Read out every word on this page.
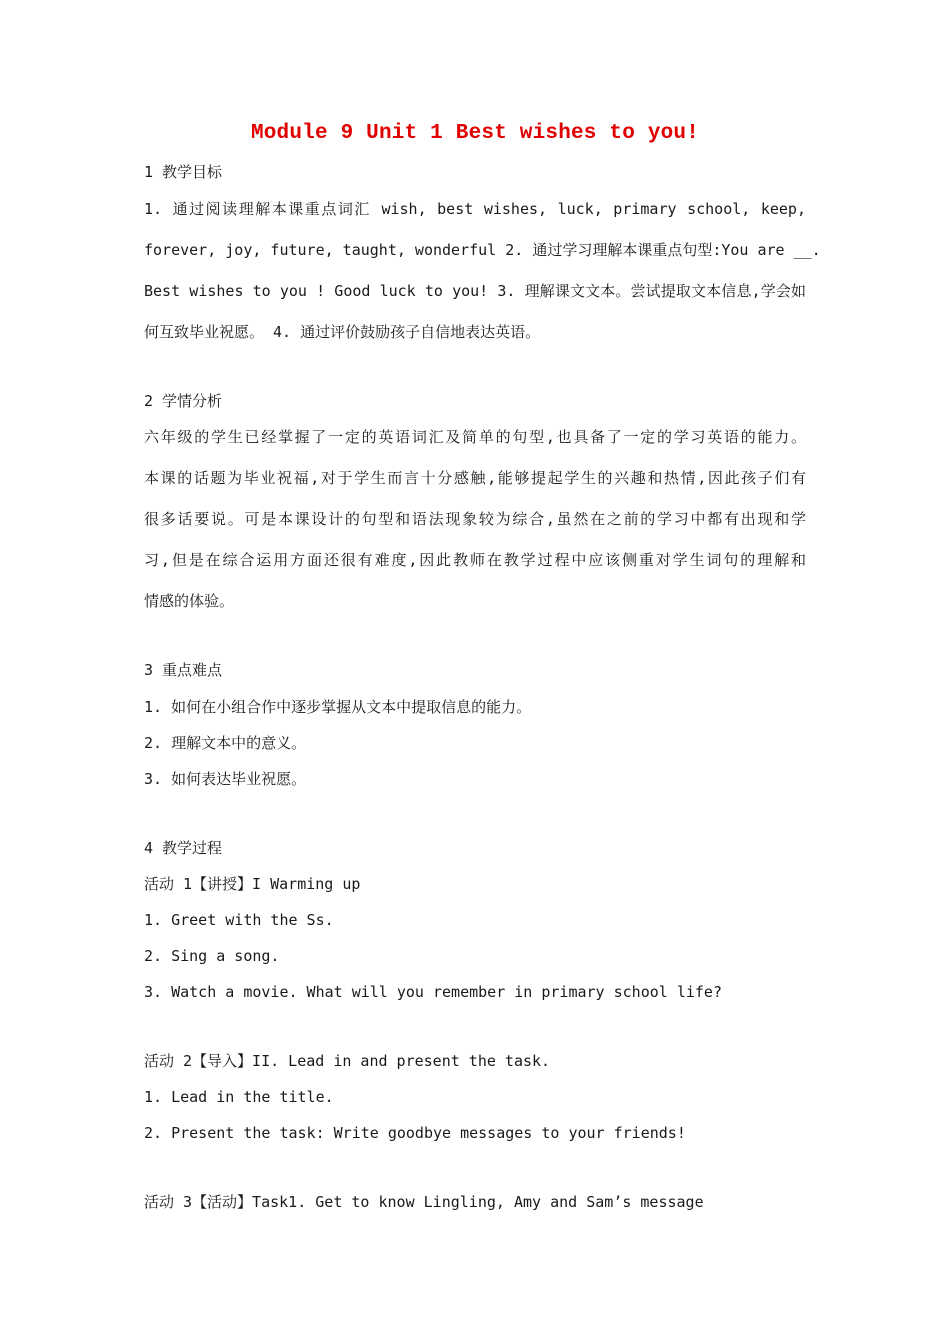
Module 9 Unit 1 Best wishes to you!
1 教学目标
1. 通过阅读理解本课重点词汇 wish, best wishes, luck, primary school, keep,
forever, joy, future, taught, wonderful 2. 通过学习理解本课重点句型:You are __.
Best wishes to you ! Good luck to you! 3. 理解课文文本。尝试提取文本信息,学会如
何互致毕业祝愿。 4. 通过评价鼓励孩子自信地表达英语。
2 学情分析
六年级的学生已经掌握了一定的英语词汇及简单的句型,也具备了一定的学习英语的能力。
本课的话题为毕业祝福,对于学生而言十分感触,能够提起学生的兴趣和热情,因此孩子们有
很多话要说。可是本课设计的句型和语法现象较为综合,虽然在之前的学习中都有出现和学
习,但是在综合运用方面还很有难度,因此教师在教学过程中应该侧重对学生词句的理解和
情感的体验。
3 重点难点
1. 如何在小组合作中逐步掌握从文本中提取信息的能力。
2. 理解文本中的意义。
3. 如何表达毕业祝愿。
4 教学过程
活动 1【讲授】I Warming up
1. Greet with the Ss.
2. Sing a song.
3. Watch a movie. What will you remember in primary school life?
活动 2【导入】II. Lead in and present the task.
1. Lead in the title.
2. Present the task: Write goodbye messages to your friends!
活动 3【活动】Task1. Get to know Lingling, Amy and Sam’s message
